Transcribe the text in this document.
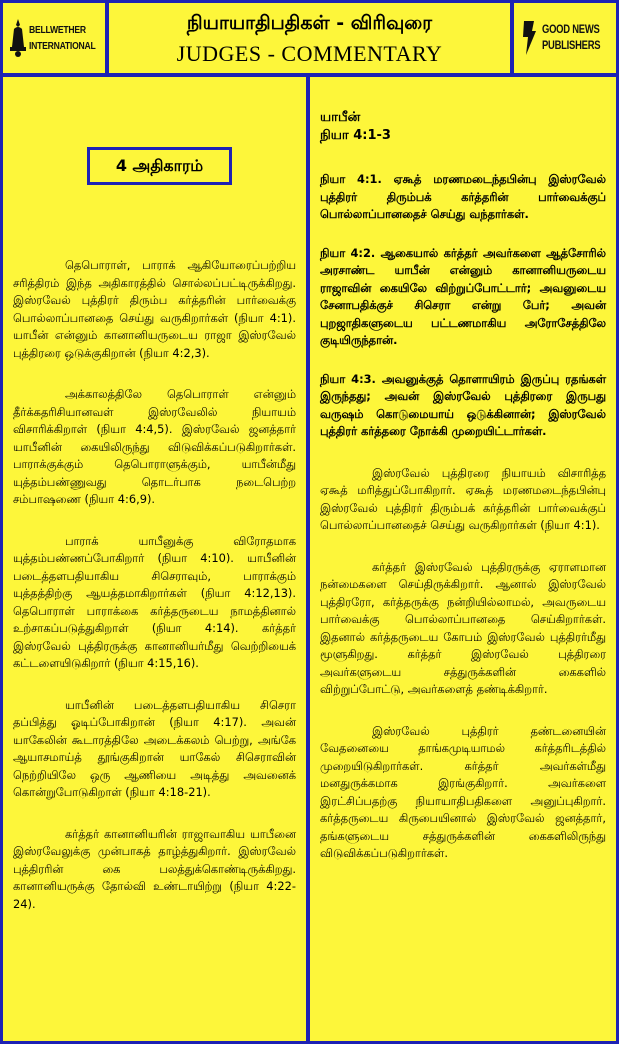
BELLWETHER
INTERNATIONAL
நியாயாதிபதிகள் - விரிவுரை
JUDGES - COMMENTARY
GOOD NEWS
PUBLISHERS
4 அதிகாரம்

தெபொராள், பாராக் ஆகியோரைப்பற்றிய சரித்திரம் இந்த அதிகாரத்தில் சொல்லப்பட்டிருக்கிறது. இஸ்ரவேல் புத்திரர் திரும்ப கர்த்தரின் பார்வைக்கு பொல்லாப்பானதை செய்து வருகிறார்கள் (நியா 4:1). யாபீன் என்னும் கானானியருடைய ராஜா இஸ்ரவேல் புத்திரரை ஒடுக்குகிறான் (நியா 4:2,3).

அக்காலத்திலே தெபொராள் என்னும் தீர்க்கதரிசியானவள் இஸ்ரவேலில் நியாயம் விசாரிக்கிறாள் (நியா 4:4,5). இஸ்ரவேல் ஜனத்தார் யாபீனின் கையிலிருந்து விடுவிக்கப்படுகிறார்கள். பாராக்குக்கும் தெபொராளுக்கும், யாபீன்மீது யுத்தம்பண்ணுவது தொடர்பாக நடைபெற்ற சம்பாஷணை (நியா 4:6,9).

பாராக் யாபீனுக்கு விரோதமாக யுத்தம்பண்ணப்போகிறார் (நியா 4:10). யாபீனின் படைத்தளபதியாகிய சிசெராவும், பாராக்கும் யுத்தத்திற்கு ஆயத்தமாகிறார்கள் (நியா 4:12,13). தெபொராள் பாராக்கை கர்த்தருடைய நாமத்தினால் உற்சாகப்படுத்துகிறாள் (நியா 4:14). கர்த்தர் இஸ்ரவேல் புத்திரருக்கு கானானியர்மீது வெற்றியைக் கட்டளையிடுகிறார் (நியா 4:15,16).

யாபீனின் படைத்தளபதியாகிய சிசெரா தப்பித்து ஓடிப்போகிறான் (நியா 4:17). அவன் யாகேலின் கூடாரத்திலே அடைக்கலம் பெற்று, அங்கே ஆயாசமாய்த் தூங்குகிறான் யாகேல் சிசெராவின் நெற்றியிலே ஒரு ஆணியை அடித்து அவனைக் கொன்றுபோடுகிறாள் (நியா 4:18-21).

கர்த்தர் கானானியரின் ராஜாவாகிய யாபீனை இஸ்ரவேலுக்கு முன்பாகத் தாழ்த்துகிறார். இஸ்ரவேல் புத்திரரின் கை பலத்துக்கொண்டிருக்கிறது. கானானியருக்கு தோல்வி உண்டாயிற்று (நியா 4:22-24).

யாபீன்
நியா 4:1-3

நியா 4:1. ஏகூத் மரணமடைந்தபின்பு இஸ்ரவேல் புத்திரர் திரும்பக் கர்த்தரின் பார்வைக்குப் பொல்லாப்பானதைச் செய்து வந்தார்கள்.

நியா 4:2. ஆகையால் கர்த்தர் அவர்களை ஆத்சோரில் அரசாண்ட யாபீன் என்னும் கானானியருடைய ராஜாவின் கையிலே விற்றுப்போட்டார்; அவனுடைய சேனாபதிக்குச் சிசெரா என்று பேர்; அவன் புறஜாதிகளுடைய பட்டணமாகிய அரோசேத்திலே குடியிருந்தான்.

நியா 4:3. அவனுக்குத் தொளாயிரம் இருப்பு ரதங்கள் இருந்தது; அவன் இஸ்ரவேல் புத்திரரை இருபது வருஷம் கொடுமையாய் ஒடுக்கினான்; இஸ்ரவேல் புத்திரர் கர்த்தரை நோக்கி முறையிட்டார்கள்.

இஸ்ரவேல் புத்திரரை நியாயம் விசாரித்த ஏகூத் மரித்துப்போகிறார். ஏகூத் மரணமடைந்தபின்பு இஸ்ரவேல் புத்திரர் திரும்பக் கர்த்தரின் பார்வைக்குப் பொல்லாப்பானதைச் செய்து வருகிறார்கள் (நியா 4:1).

கர்த்தர் இஸ்ரவேல் புத்திரருக்கு ஏராளமான நன்மைகளை செய்திருக்கிறார். ஆனால் இஸ்ரவேல் புத்திரரோ, கர்த்தருக்கு நன்றியில்லாமல், அவருடைய பார்வைக்கு பொல்லாப்பானதை செய்கிறார்கள். இதனால் கர்த்தருடைய கோபம் இஸ்ரவேல் புத்திரர்மீது மூளுகிறது. கர்த்தர் இஸ்ரவேல் புத்திரரை அவர்களுடைய சத்துருக்களின் கைகளில் விற்றுப்போட்டு, அவர்களைத் தண்டிக்கிறார்.

இஸ்ரவேல் புத்திரர் தண்டனையின் வேதனையை தாங்கமுடியாமல் கர்த்தரிடத்தில் முறையிடுகிறார்கள். கர்த்தர் அவர்கள்மீது மனதுருக்கமாக இரங்குகிறார். அவர்களை இரட்சிப்பதற்கு நியாயாதிபதிகளை அனுப்புகிறார். கர்த்தருடைய கிருபையினால் இஸ்ரவேல் ஜனத்தார், தங்களுடைய சத்துருக்களின் கைகளிலிருந்து விடுவிக்கப்படுகிறார்கள்.
